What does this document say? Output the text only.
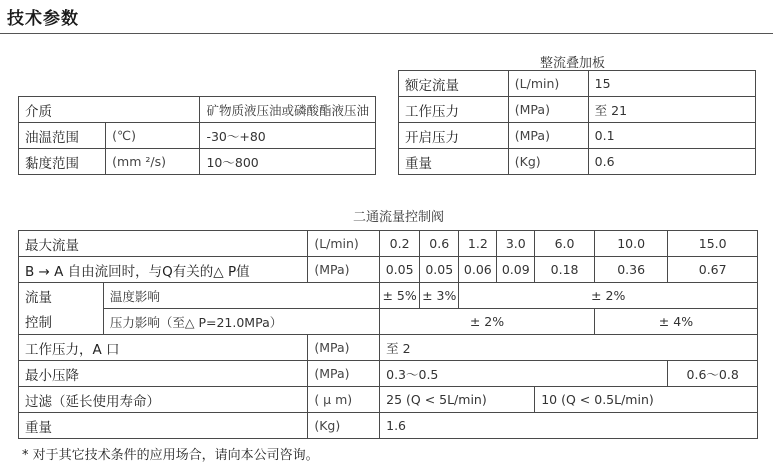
技术参数
介质		矿物质液压油或磷酸酯液压油
油温范围	(℃)	-30～+80
黏度范围	(mm ²/s)	10～800
整流叠加板
额定流量	(L/min)	15
工作压力	(MPa)	至 21
开启压力	(MPa)	0.1
重量	(Kg)	0.6
二通流量控制阀
最大流量		(L/min)	0.2	0.6	1.2	3.0	6.0	10.0	15.0
B → A 自由流回时，与Q有关的△ P值		(MPa)	0.05	0.05	0.06	0.09	0.18	0.36	0.67
流量	温度影响		± 5%	± 3%	± 2%				
控制	压力影响（至△ P=21.0MPa）		± 2%					± 4%	
工作压力，A 口		(MPa)	至 2						
最小压降		(MPa)	0.3～0.5						0.6～0.8
过滤（延长使用寿命）		( μ m)	25 (Q < 5L/min)				10 (Q < 0.5L/min)		
重量		(Kg)	1.6						
* 对于其它技术条件的应用场合，请向本公司咨询。
